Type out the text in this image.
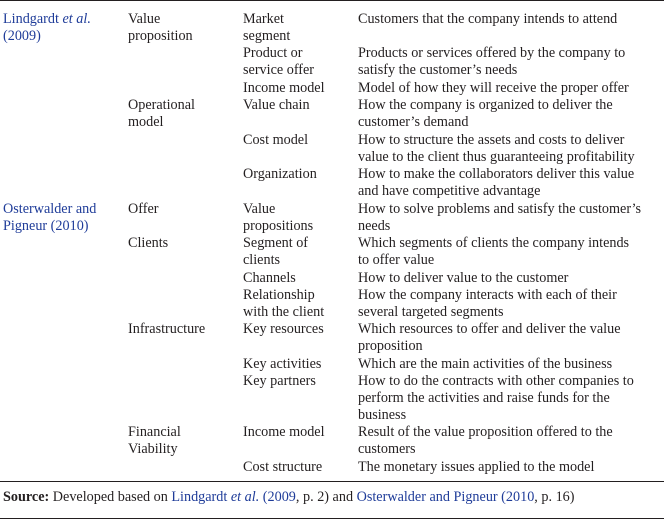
Lindgardt et al.
(2009)
Osterwalder and
Pigneur (2010)
Value
proposition
Operational
model
Offer
Clients
Infrastructure
Financial
Viability
Market
segment
Product or
service offer
Income model
Value chain
Cost model
Organization
Value
propositions
Segment of
clients
Channels
Relationship
with the client
Key resources
Key activities
Key partners
Income model
Cost structure
Customers that the company intends to attend
Products or services offered by the company to
satisfy the customer’s needs
Model of how they will receive the proper offer
How the company is organized to deliver the
customer’s demand
How to structure the assets and costs to deliver
value to the client thus guaranteeing profitability
How to make the collaborators deliver this value
and have competitive advantage
How to solve problems and satisfy the customer’s
needs
Which segments of clients the company intends
to offer value
How to deliver value to the customer
How the company interacts with each of their
several targeted segments
Which resources to offer and deliver the value
proposition
Which are the main activities of the business
How to do the contracts with other companies to
perform the activities and raise funds for the
business
Result of the value proposition offered to the
customers
The monetary issues applied to the model
Source: Developed based on Lindgardt et al. (2009, p. 2) and Osterwalder and Pigneur (2010, p. 16)
